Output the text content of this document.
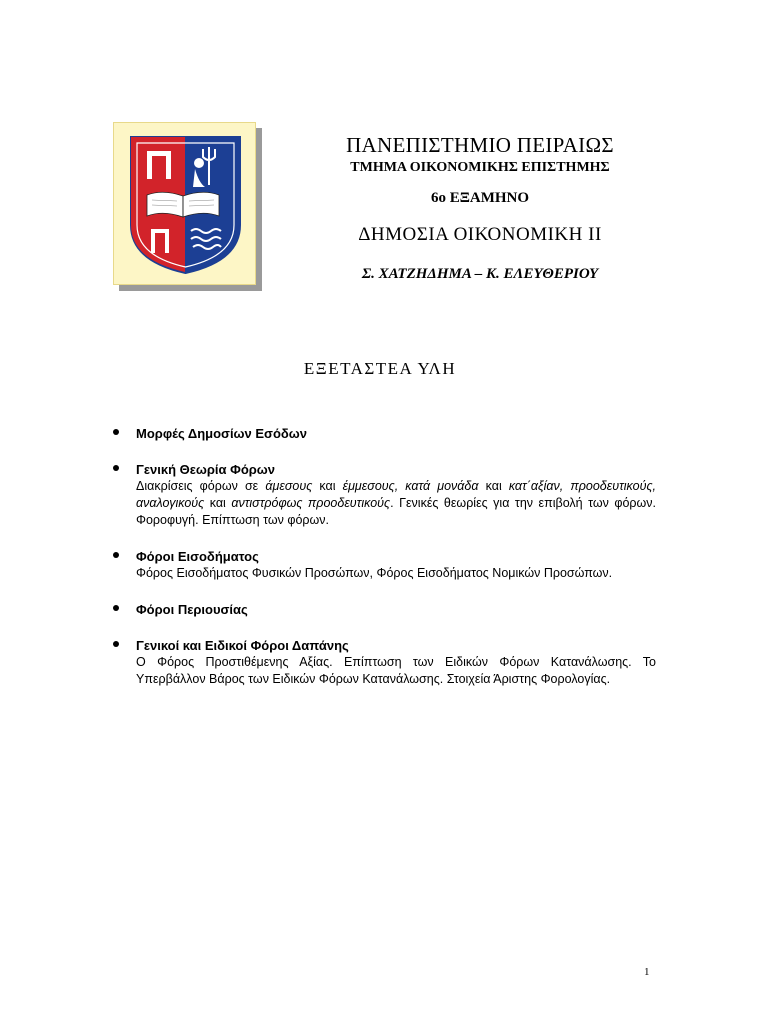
ΠΑΝΕΠΙΣΤΗΜΙΟ ΠΕΙΡΑΙΩΣ
ΤΜΗΜΑ ΟΙΚΟΝΟΜΙΚΗΣ ΕΠΙΣΤΗΜΗΣ
6ο ΕΞΑΜΗΝΟ
ΔΗΜΟΣΙΑ ΟΙΚΟΝΟΜΙΚΗ ΙΙ
Σ. ΧΑΤΖΗΔΗΜΑ – Κ. ΕΛΕΥΘΕΡΙΟΥ
ΕΞΕΤΑΣΤΕΑ ΥΛΗ
Μορφές Δημοσίων Εσόδων
Γενική Θεωρία Φόρων
Διακρίσεις φόρων σε άμεσους και έμμεσους, κατά μονάδα και κατ΄αξίαν, προοδευτικούς, αναλογικούς και αντιστρόφως προοδευτικούς. Γενικές θεωρίες για την επιβολή των φόρων. Φοροφυγή. Επίπτωση των φόρων.
Φόροι Εισοδήματος
Φόρος Εισοδήματος Φυσικών Προσώπων, Φόρος Εισοδήματος Νομικών Προσώπων.
Φόροι Περιουσίας
Γενικοί και Ειδικοί Φόροι Δαπάνης
Ο Φόρος Προστιθέμενης Αξίας. Επίπτωση των Ειδικών Φόρων Κατανάλωσης. Το Υπερβάλλον Βάρος των Ειδικών Φόρων Κατανάλωσης. Στοιχεία Άριστης Φορολογίας.
1
